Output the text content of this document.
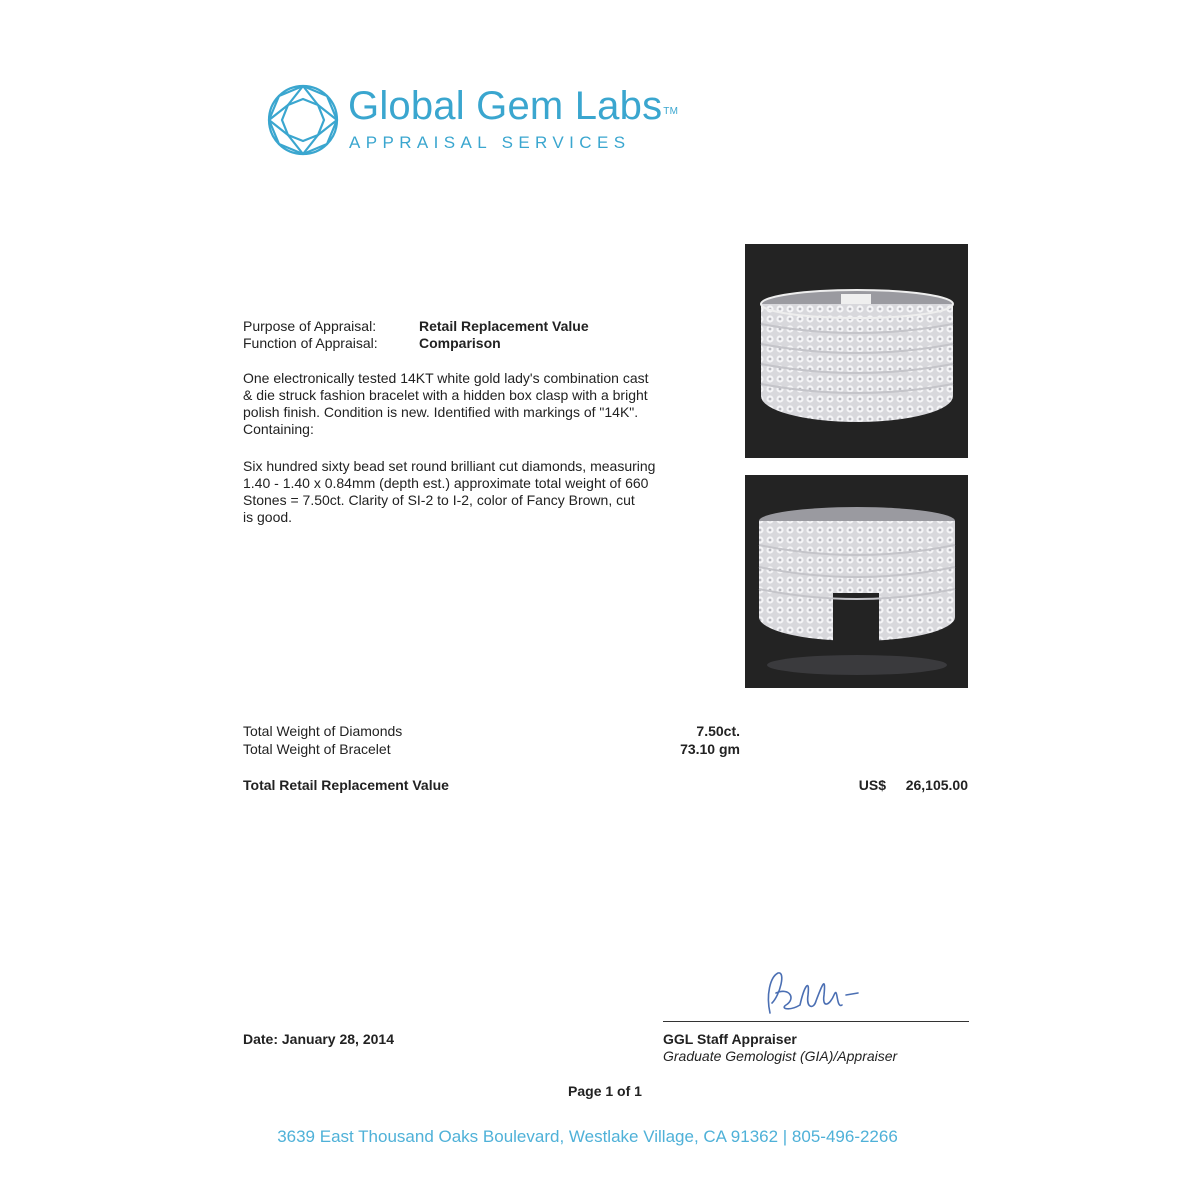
Global Gem Labs™
APPRAISAL SERVICES
Purpose of Appraisal:	Retail Replacement Value
Function of Appraisal:	Comparison
One electronically tested 14KT white gold lady's combination cast
& die struck fashion bracelet with a hidden box clasp with a bright
polish finish. Condition is new. Identified with markings of "14K".
Containing:
Six hundred sixty bead set round brilliant cut diamonds, measuring
1.40 - 1.40 x 0.84mm (depth est.) approximate total weight of 660
Stones = 7.50ct. Clarity of SI-2 to I-2, color of Fancy Brown, cut
is good.
Total Weight of Diamonds	7.50ct.
Total Weight of Bracelet	73.10 gm
Total Retail Replacement Value	US$	26,105.00
Date: January 28, 2014	GGL Staff Appraiser
Graduate Gemologist (GIA)/Appraiser
Page 1 of 1
3639 East Thousand Oaks Boulevard, Westlake Village, CA 91362 | 805-496-2266
